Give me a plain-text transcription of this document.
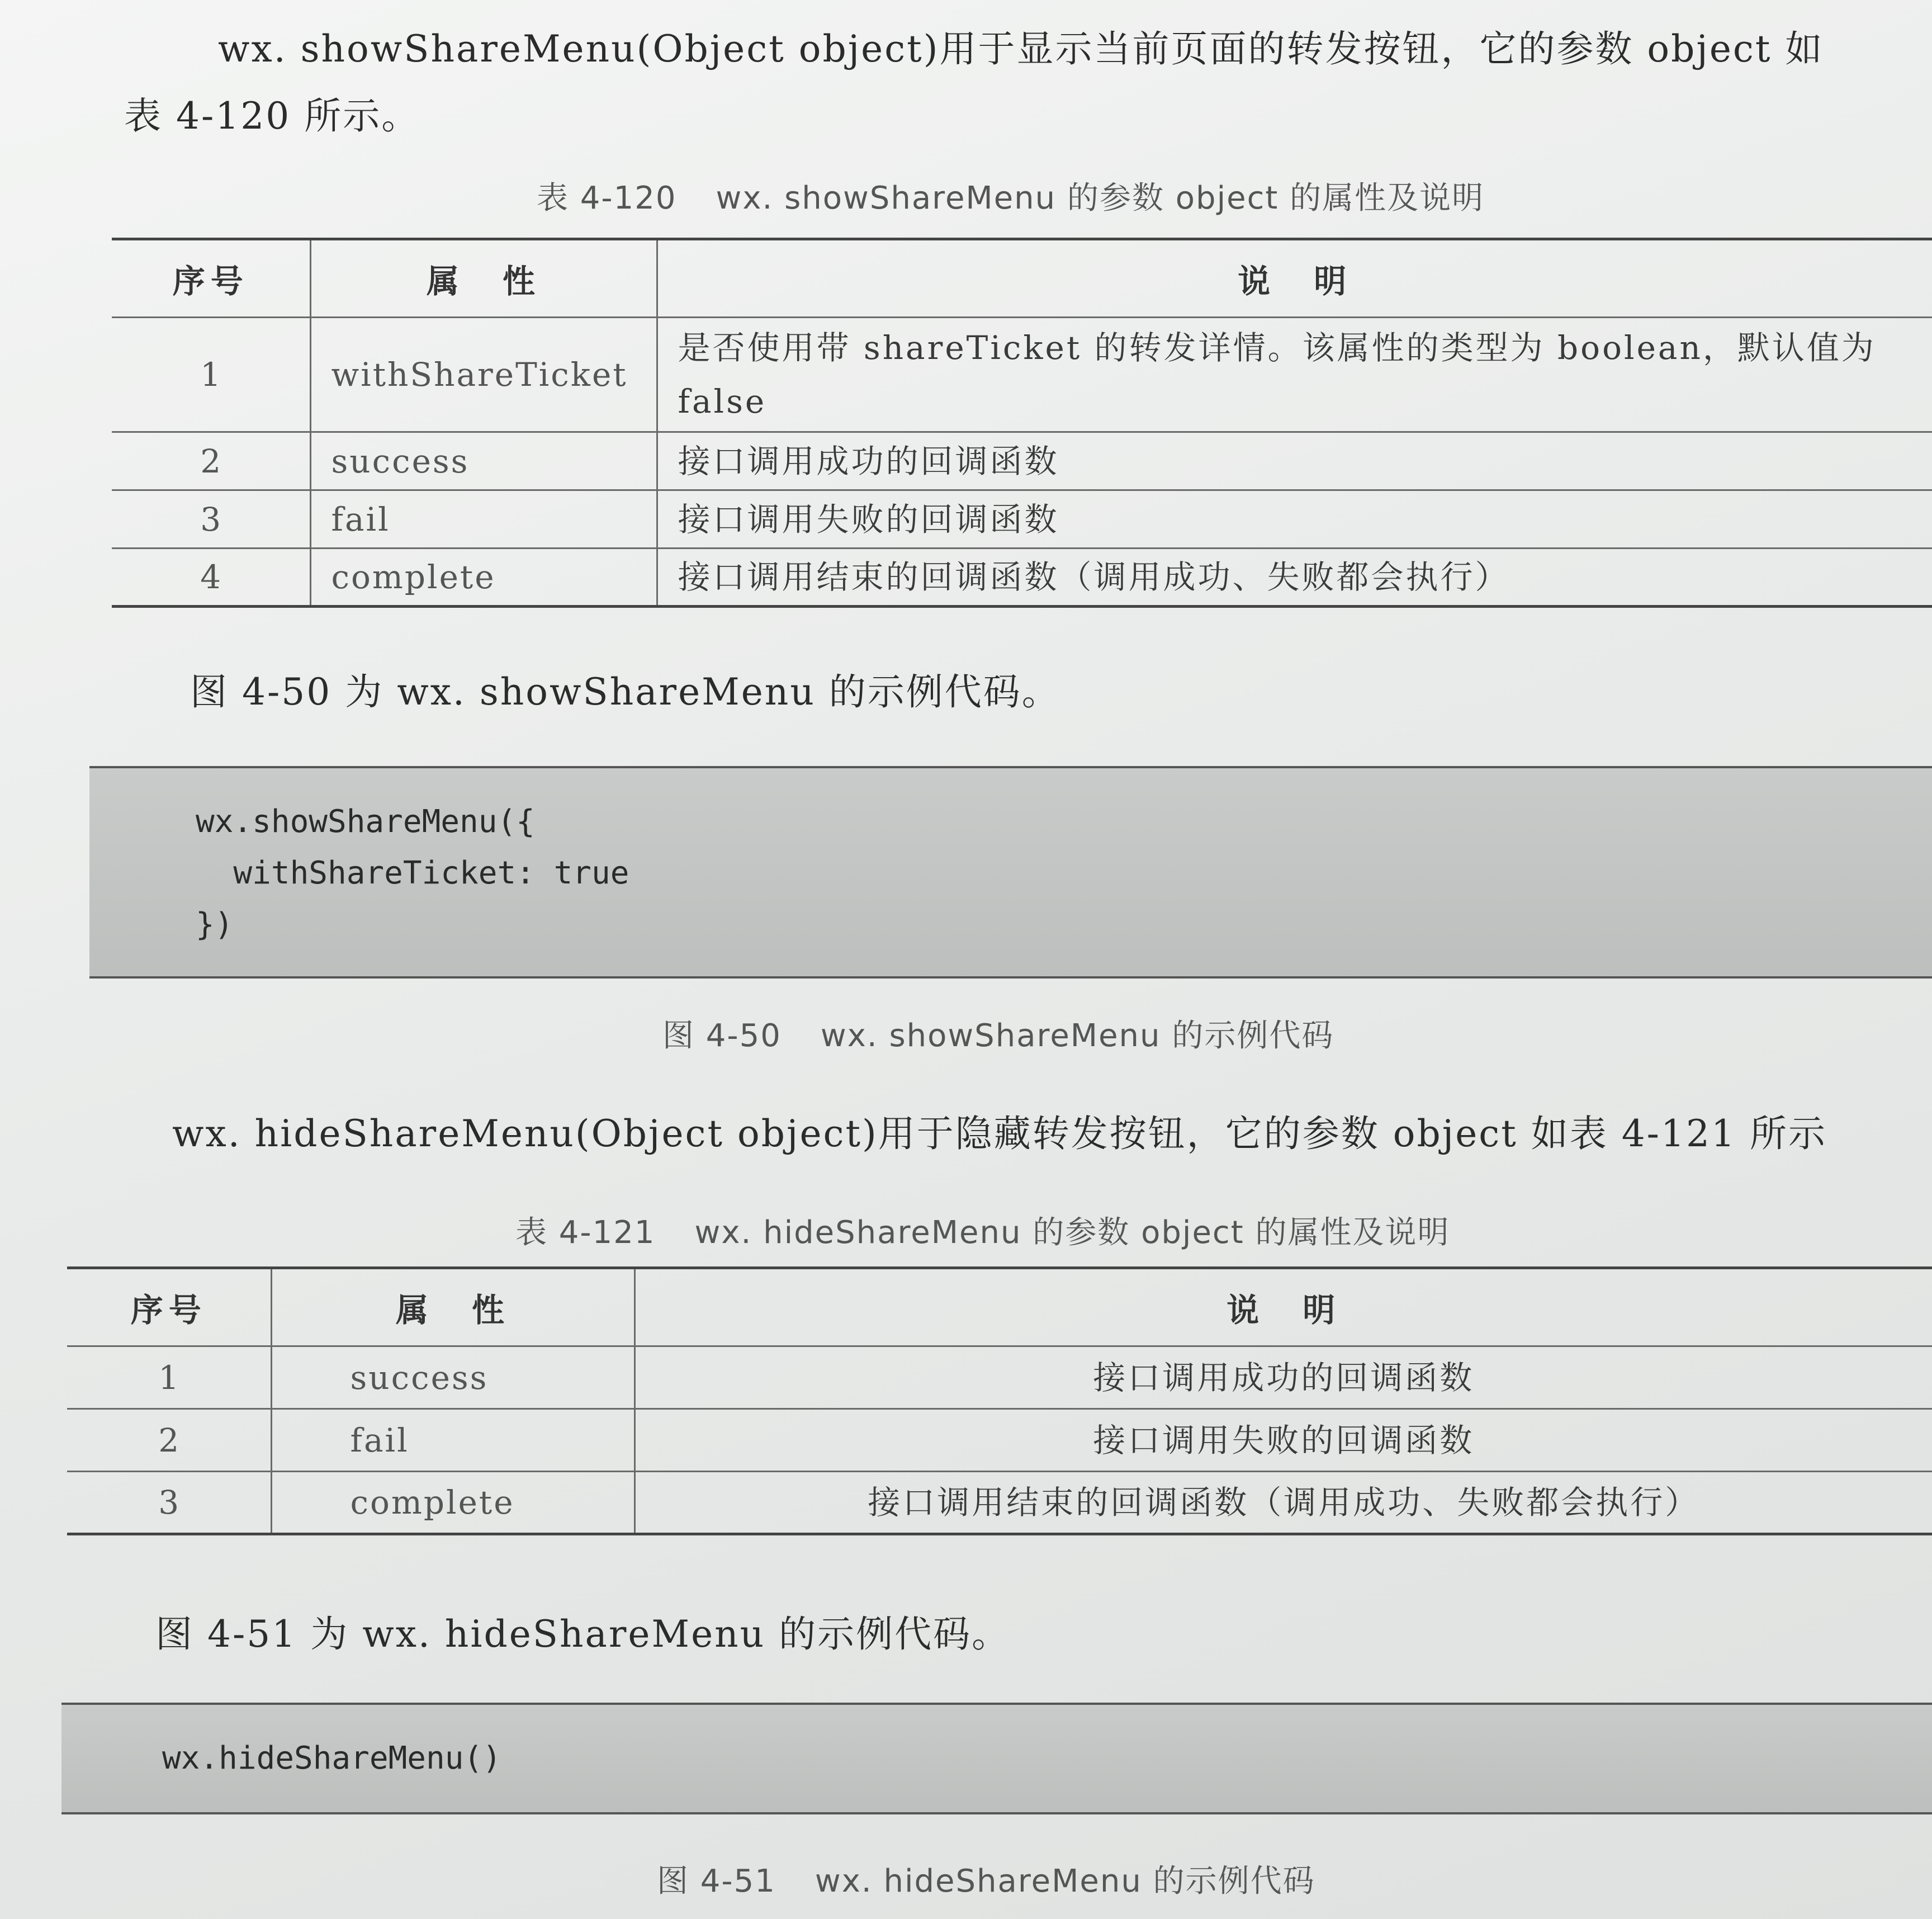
wx. showShareMenu(Object object)用于显示当前页面的转发按钮，它的参数 object 如

表 4-120 所示。

表 4-120 wx. showShareMenu 的参数 object 的属性及说明

序号	属　性	说　明
1	withShareTicket	是否使用带 shareTicket 的转发详情。该属性的类型为 boolean，默认值为 false
2	success	接口调用成功的回调函数
3	fail	接口调用失败的回调函数
4	complete	接口调用结束的回调函数（调用成功、失败都会执行）

图 4-50 为 wx. showShareMenu 的示例代码。

wx.showShareMenu({
withShareTicket: true
})

图 4-50 wx. showShareMenu 的示例代码

wx. hideShareMenu(Object object)用于隐藏转发按钮，它的参数 object 如表 4-121 所示

表 4-121 wx. hideShareMenu 的参数 object 的属性及说明

序号	属　性	说　明
1	success	接口调用成功的回调函数
2	fail	接口调用失败的回调函数
3	complete	接口调用结束的回调函数（调用成功、失败都会执行）

图 4-51 为 wx. hideShareMenu 的示例代码。

wx.hideShareMenu()

图 4-51 wx. hideShareMenu 的示例代码
